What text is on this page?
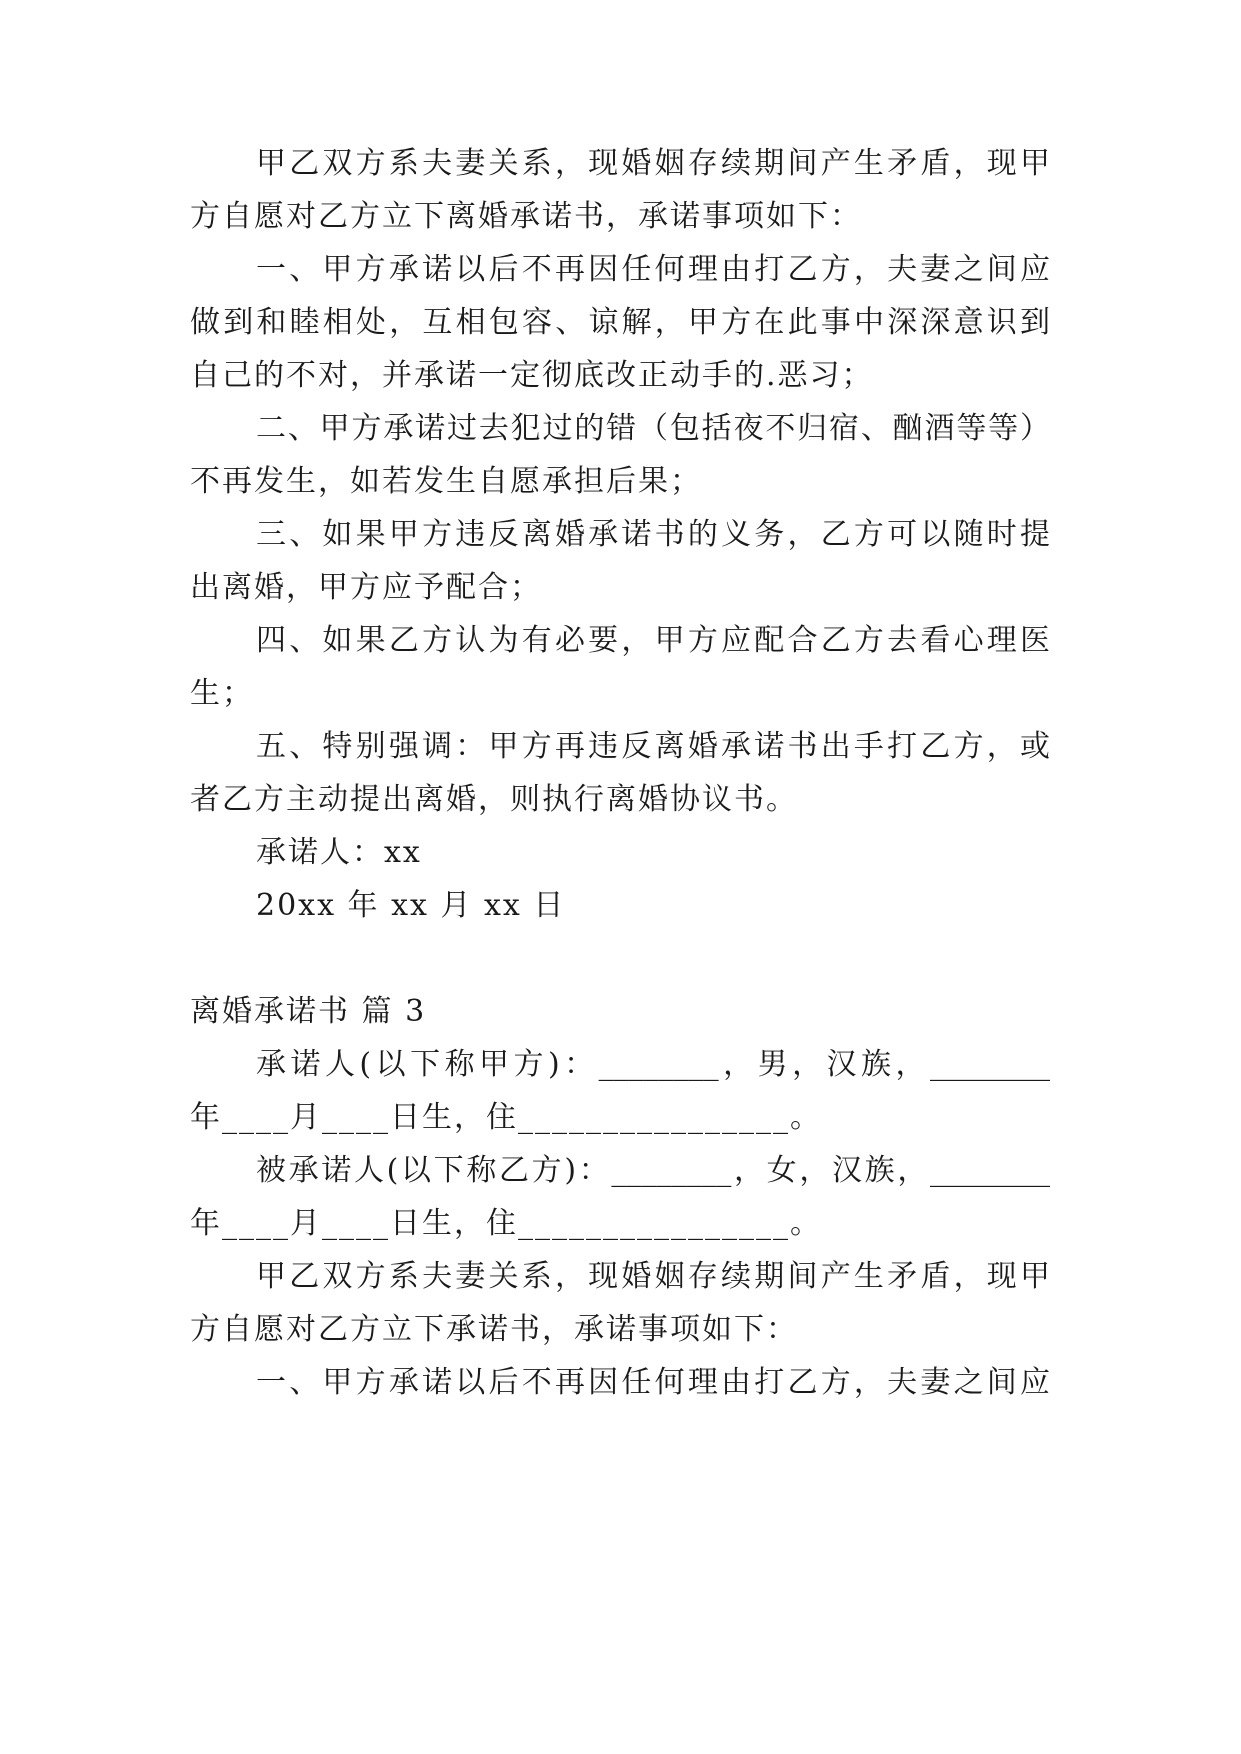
甲乙双方系夫妻关系，现婚姻存续期间产生矛盾，现甲
方自愿对乙方立下离婚承诺书，承诺事项如下：
一、甲方承诺以后不再因任何理由打乙方，夫妻之间应
做到和睦相处，互相包容、谅解，甲方在此事中深深意识到
自己的不对，并承诺一定彻底改正动手的.恶习；
二、甲方承诺过去犯过的错（包括夜不归宿、酗酒等等）
不再发生，如若发生自愿承担后果；
三、如果甲方违反离婚承诺书的义务，乙方可以随时提
出离婚，甲方应予配合；
四、如果乙方认为有必要，甲方应配合乙方去看心理医
生；
五、特别强调：甲方再违反离婚承诺书出手打乙方，或
者乙方主动提出离婚，则执行离婚协议书。
承诺人：xx
20xx 年 xx 月 xx 日
离婚承诺书 篇 3
承诺人(以下称甲方)：________，男，汉族，________
年____月____日生，住________________。
被承诺人(以下称乙方)：________，女，汉族，________
年____月____日生，住________________。
甲乙双方系夫妻关系，现婚姻存续期间产生矛盾，现甲
方自愿对乙方立下承诺书，承诺事项如下：
一、甲方承诺以后不再因任何理由打乙方，夫妻之间应
